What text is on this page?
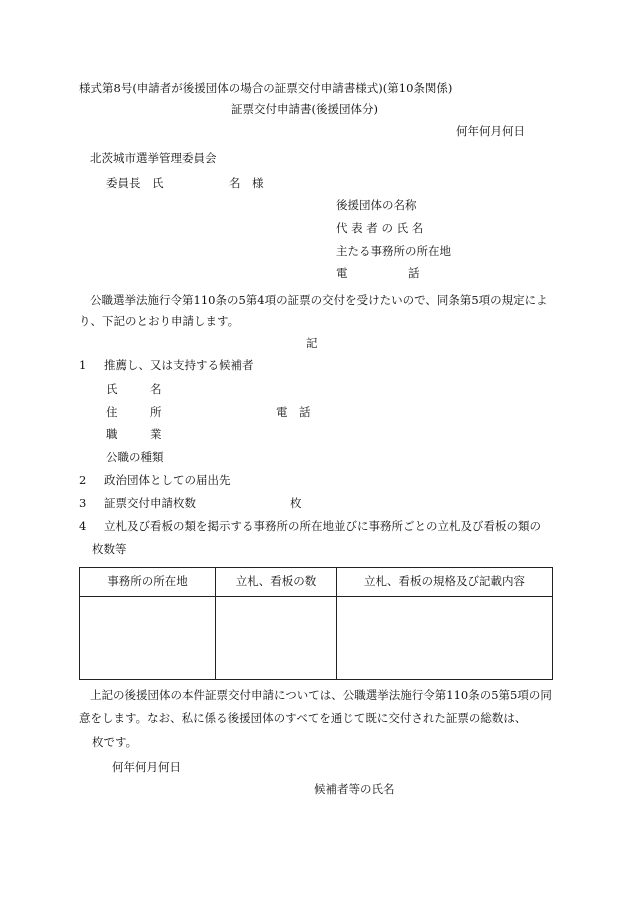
様式第8号(申請者が後援団体の場合の証票交付申請書様式)(第10条関係)
証票交付申請書(後援団体分)
何年何月何日
北茨城市選挙管理委員会
委員長　氏	名　様
後援団体の名称
代 表 者 の 氏 名
主たる事務所の所在地
電	話
公職選挙法施行令第110条の5第4項の証票の交付を受けたいので、同条第5項の規定によ
り、下記のとおり申請します。
記
1 推薦し、又は支持する候補者
氏	名
住	所	電　話
職	業
公職の種類
2 政治団体としての届出先
3 証票交付申請枚数	枚
4 立札及び看板の類を掲示する事務所の所在地並びに事務所ごとの立札及び看板の類の
枚数等
事務所の所在地	立札、看板の数	立札、看板の規格及び記載内容

上記の後援団体の本件証票交付申請については、公職選挙法施行令第110条の5第5項の同
意をします。なお、私に係る後援団体のすべてを通じて既に交付された証票の総数は、
枚です。
何年何月何日
候補者等の氏名
